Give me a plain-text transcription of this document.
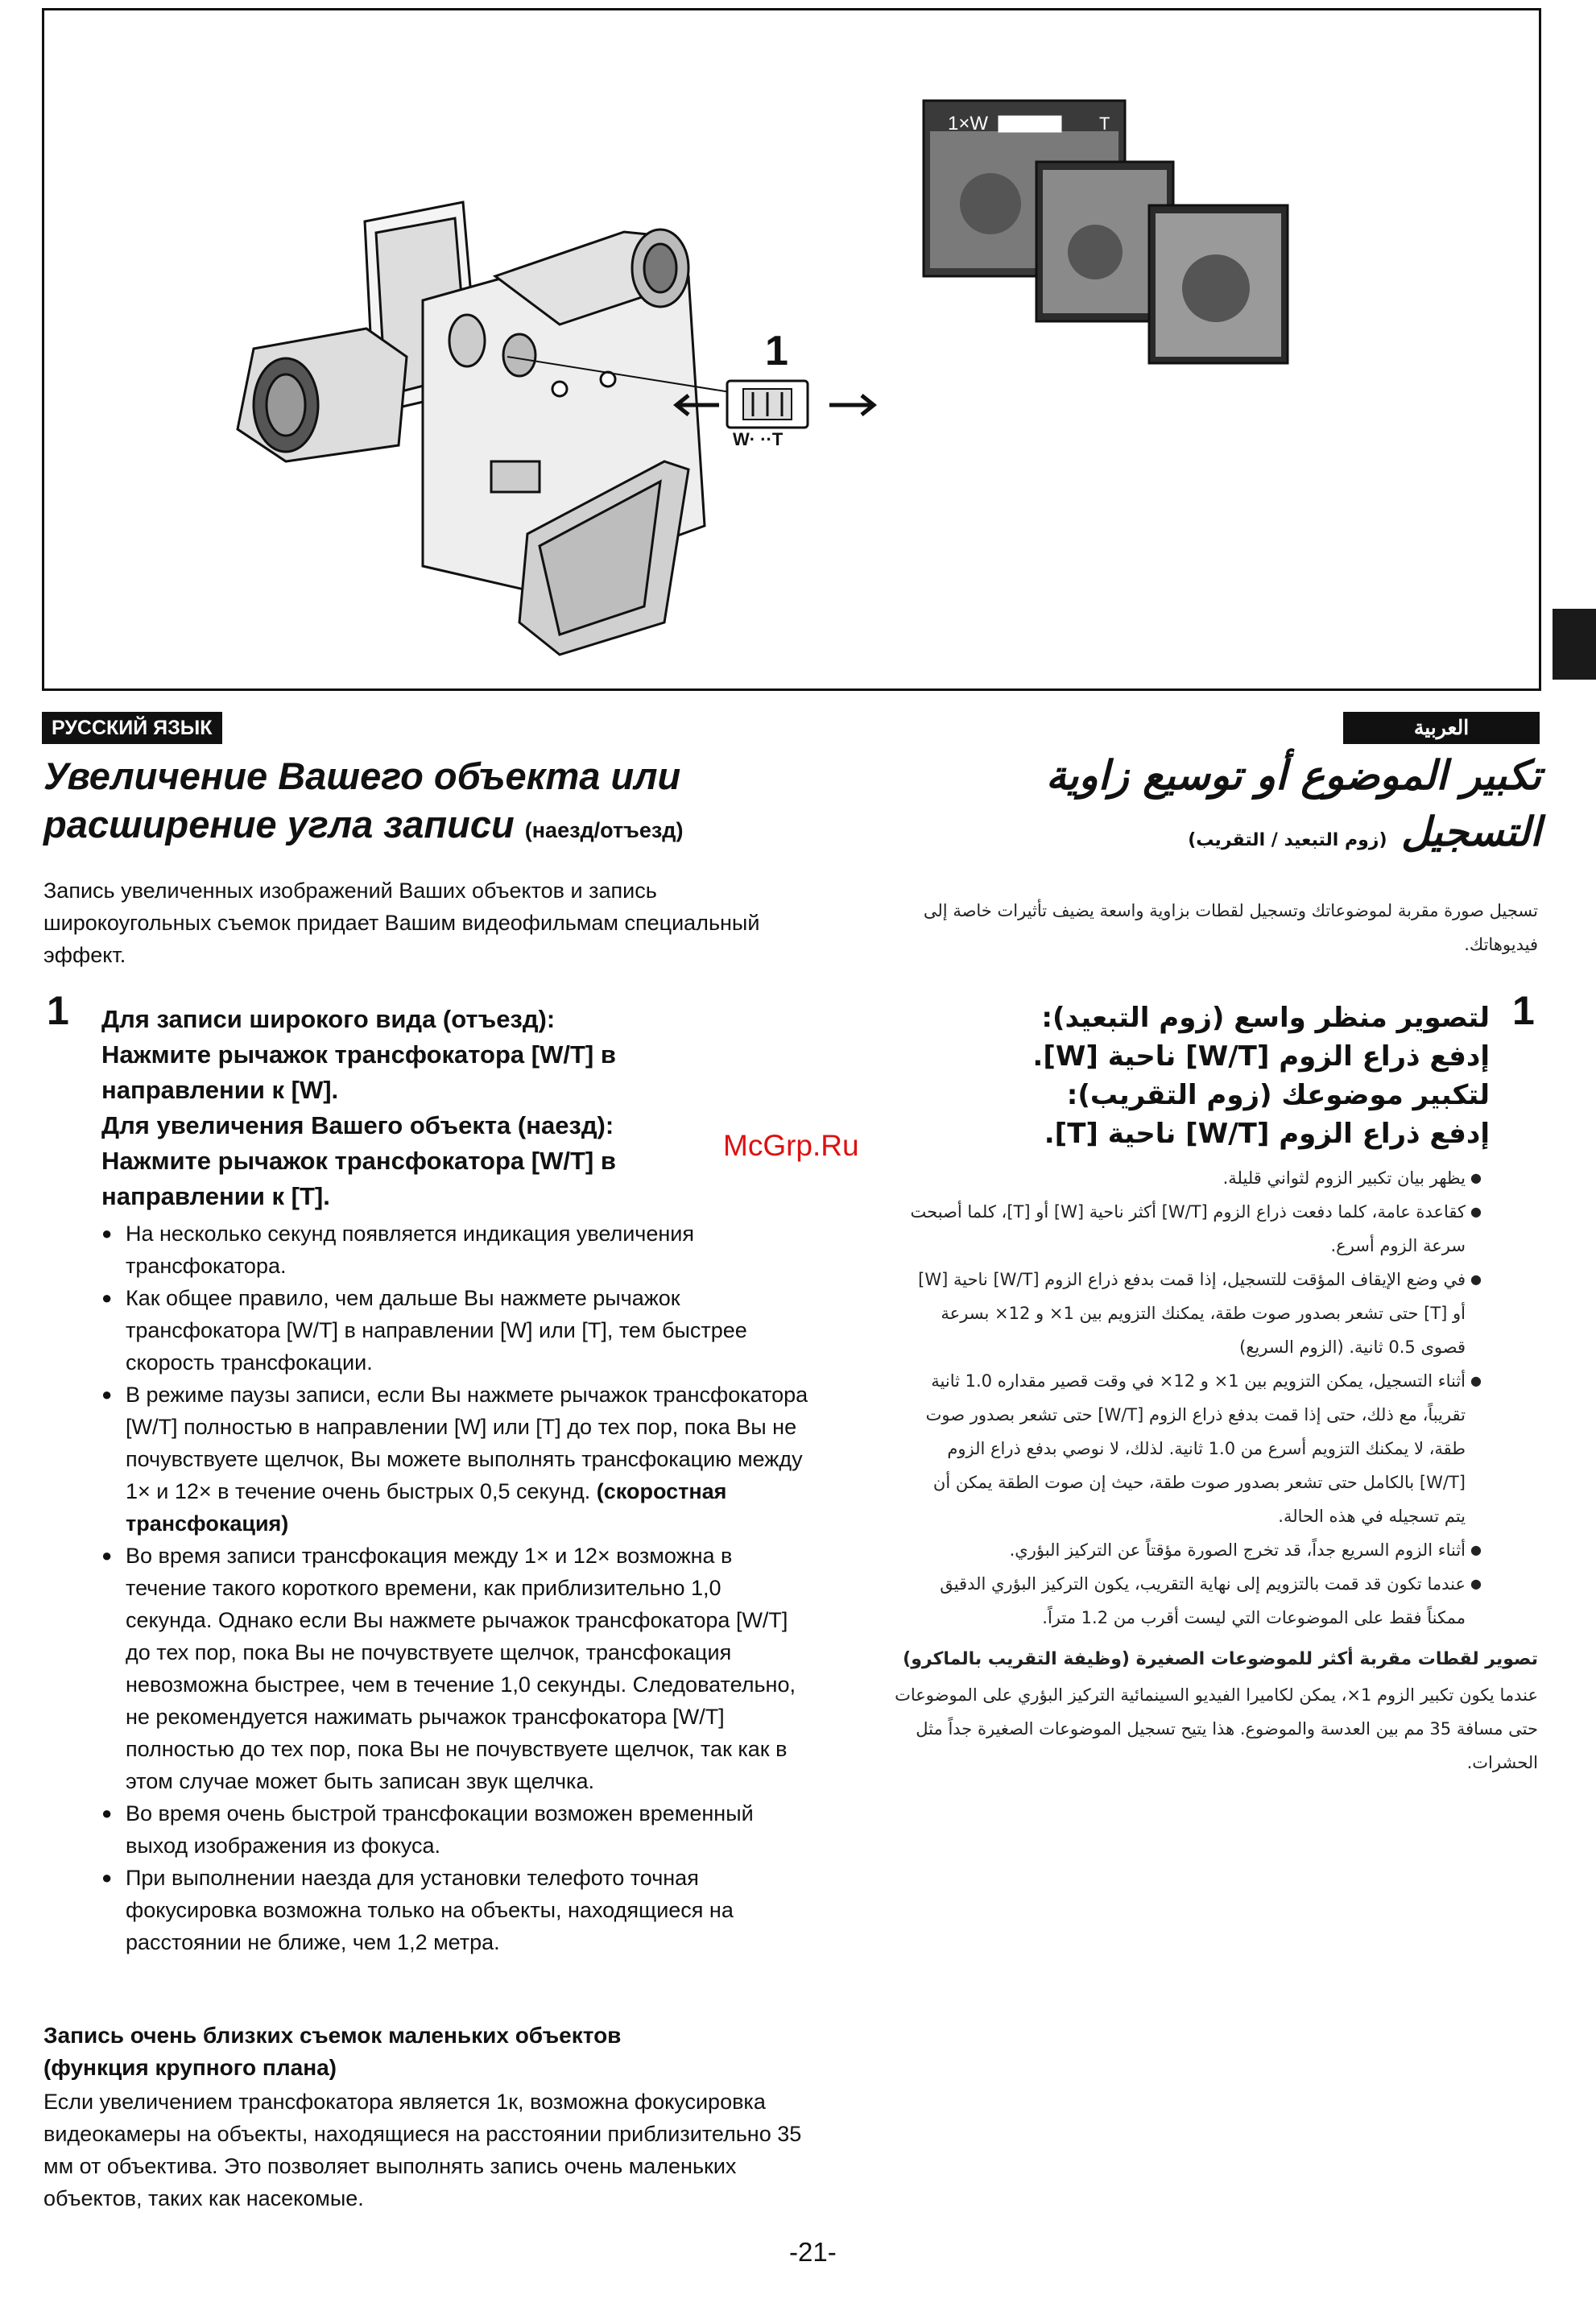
1
W· ··T
1×W	T
РУССКИЙ ЯЗЫК	العربية
Увеличение Вашего объекта или
расширение угла записи (наезд/отъезд)
تكبير الموضوع أو توسيع زاوية
التسجيل (زوم التبعيد / التقريب)
Запись увеличенных изображений Ваших объектов и запись широкоугольных съемок придает Вашим видеофильмам специальный эффект.
تسجيل صورة مقربة لموضوعاتك وتسجيل لقطات بزاوية واسعة يضيف تأثيرات خاصة إلى فيديوهاتك.
1 Для записи широкого вида (отъезд):
Нажмите рычажок трансфокатора [W/T] в
направлении к [W].
Для увеличения Вашего объекта (наезд):
Нажмите рычажок трансфокатора [W/T] в
направлении к [T].
● На несколько секунд появляется индикация увеличения трансфокатора.
● Как общее правило, чем дальше Вы нажмете рычажок трансфокатора [W/T] в направлении [W] или [T], тем быстрее скорость трансфокации.
● В режиме паузы записи, если Вы нажмете рычажок трансфокатора [W/T] полностью в направлении [W] или [T] до тех пор, пока Вы не почувствуете щелчок, Вы можете выполнять трансфокацию между 1× и 12× в течение очень быстрых 0,5 секунд. (скоростная трансфокация)
● Во время записи трансфокация между 1× и 12× возможна в течение такого короткого времени, как приблизительно 1,0 секунда. Однако если Вы нажмете рычажок трансфокатора [W/T] до тех пор, пока Вы не почувствуете щелчок, трансфокация невозможна быстрее, чем в течение 1,0 секунды. Следовательно, не рекомендуется нажимать рычажок трансфокатора [W/T] полностью до тех пор, пока Вы не почувствуете щелчок, так как в этом случае может быть записан звук щелчка.
● Во время очень быстрой трансфокации возможен временный выход изображения из фокуса.
● При выполнении наезда для установки телефото точная фокусировка возможна только на объекты, находящиеся на расстоянии не ближе, чем 1,2 метра.
Запись очень близких съемок маленьких объектов
(функция крупного плана)
Если увеличением трансфокатора является 1к, возможна фокусировка видеокамеры на объекты, находящиеся на расстоянии приблизительно 35 мм от объектива. Это позволяет выполнять запись очень маленьких объектов, таких как насекомые.
1
لتصوير منظر واسع (زوم التبعيد):
إدفع ذراع الزوم [W/T] ناحية [W].
لتكبير موضوعك (زوم التقريب):
إدفع ذراع الزوم [W/T] ناحية [T].
● يظهر بيان تكبير الزوم لثواني قليلة.
● كقاعدة عامة، كلما دفعت ذراع الزوم [W/T] أكثر ناحية [W] أو [T]، كلما أصبحت سرعة الزوم أسرع.
● في وضع الإيقاف المؤقت للتسجيل، إذا قمت بدفع ذراع الزوم [W/T] ناحية [W] أو [T] حتى تشعر بصدور صوت طقة، يمكنك التزويم بين 1× و 12× بسرعة قصوى 0.5 ثانية. (الزوم السريع)
● أثناء التسجيل، يمكن التزويم بين 1× و 12× في وقت قصير مقداره 1.0 ثانية تقريباً، مع ذلك، حتى إذا قمت بدفع ذراع الزوم [W/T] حتى تشعر بصدور صوت طقة، لا يمكنك التزويم أسرع من 1.0 ثانية. لذلك، لا نوصي بدفع ذراع الزوم [W/T] بالكامل حتى تشعر بصدور صوت طقة، حيث إن صوت الطقة يمكن أن يتم تسجيله في هذه الحالة.
● أثناء الزوم السريع جداً، قد تخرج الصورة مؤقتاً عن التركيز البؤري.
● عندما تكون قد قمت بالتزويم إلى نهاية التقريب، يكون التركيز البؤري الدقيق ممكناً فقط على الموضوعات التي ليست أقرب من 1.2 متراً.
تصوير لقطات مقربة أكثر للموضوعات الصغيرة (وظيفة التقريب بالماكرو)
عندما يكون تكبير الزوم 1×، يمكن لكاميرا الفيديو السينمائية التركيز البؤري على الموضوعات حتى مسافة 35 مم بين العدسة والموضوع. هذا يتيح تسجيل الموضوعات الصغيرة جداً مثل الحشرات.
McGrp.Ru
-21-
